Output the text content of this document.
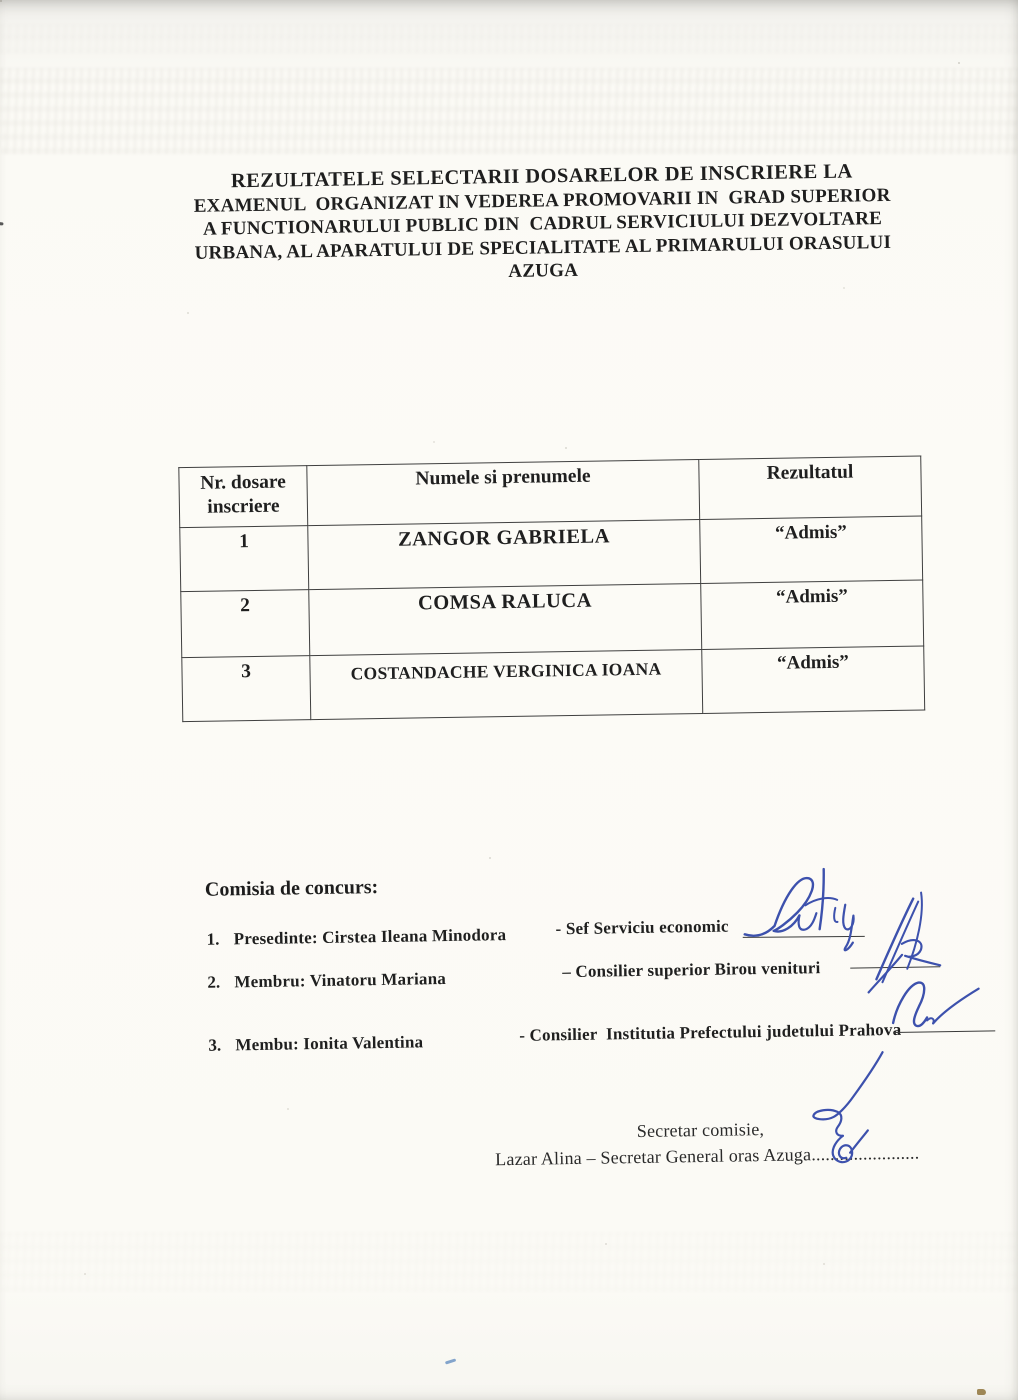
REZULTATELE SELECTARII DOSARELOR DE INSCRIERE LA
EXAMENUL  ORGANIZAT IN VEDEREA PROMOVARII IN  GRAD SUPERIOR
A FUNCTIONARULUI PUBLIC DIN  CADRUL SERVICIULUI DEZVOLTARE
URBANA, AL APARATULUI DE SPECIALITATE AL PRIMARULUI ORASULUI
AZUGA
Nr. dosare inscriere	Numele si prenumele	Rezultatul
1	ZANGOR GABRIELA	“Admis”
2	COMSA RALUCA	“Admis”
3	COSTANDACHE VERGINICA IOANA	“Admis”
Comisia de concurs:
1. Presedinte: Cirstea Ileana Minodora	- Sef Serviciu economic
2. Membru: Vinatoru Mariana	– Consilier superior Birou venituri
3. Membu: Ionita Valentina	- Consilier  Institutia Prefectului judetului Prahova
Secretar comisie,
Lazar Alina – Secretar General oras Azuga.......................
